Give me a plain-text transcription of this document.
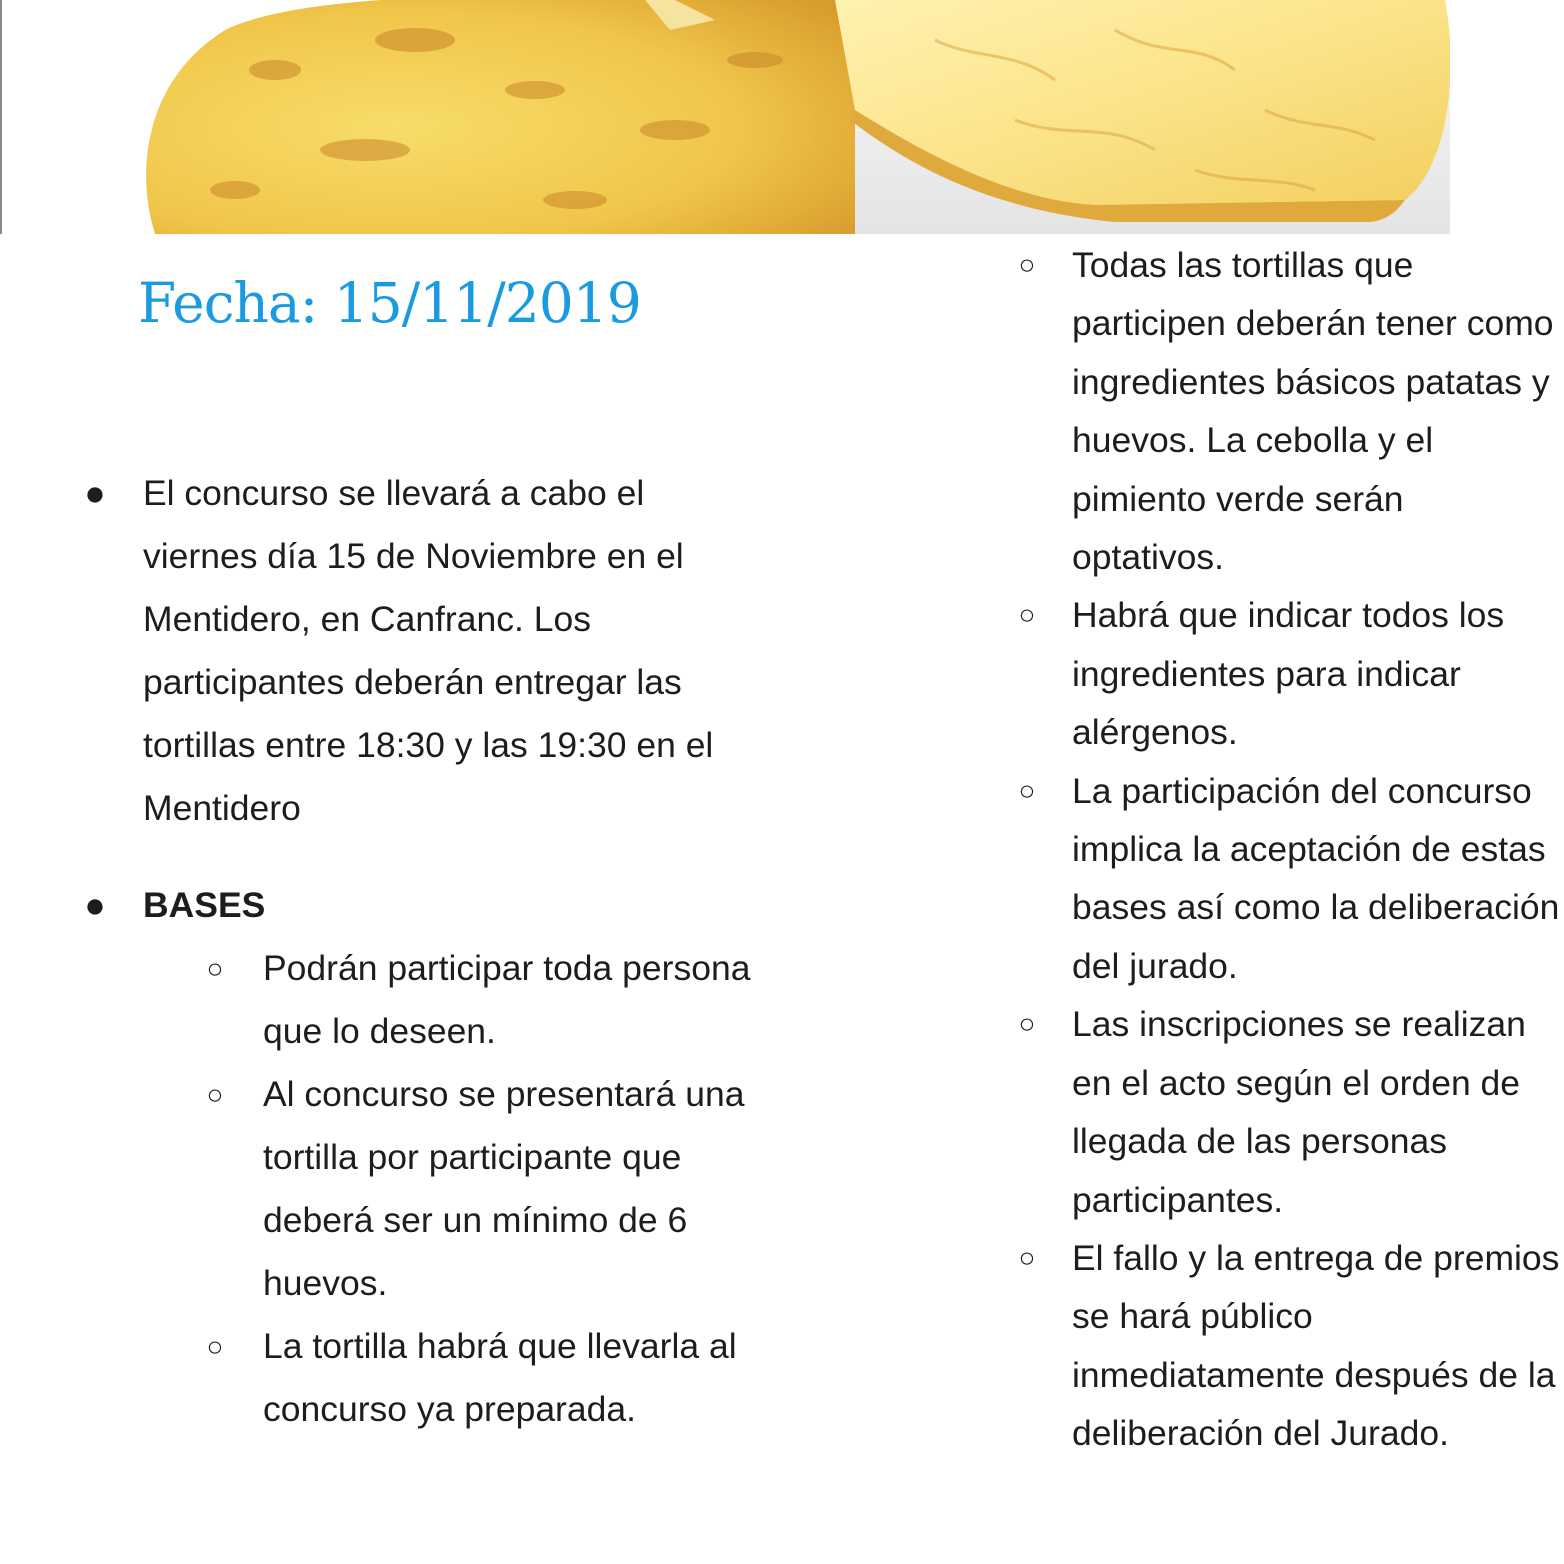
Fecha: 15/11/2019
● El concurso se llevará a cabo el viernes día 15 de Noviembre en el Mentidero, en Canfranc. Los participantes deberán entregar las tortillas entre 18:30 y las 19:30 en el Mentidero
● BASES
○ Podrán participar toda persona que lo deseen.
○ Al concurso se presentará una tortilla por participante que deberá ser un mínimo de 6 huevos.
○ La tortilla habrá que llevarla al concurso ya preparada.
○ Todas las tortillas que participen deberán tener como ingredientes básicos patatas y huevos. La cebolla y el pimiento verde serán optativos.
○ Habrá que indicar todos los ingredientes para indicar alérgenos.
○ La participación del concurso implica la aceptación de estas bases así como la deliberación del jurado.
○ Las inscripciones se realizan en el acto según el orden de llegada de las personas participantes.
○ El fallo y la entrega de premios se hará público inmediatamente después de la deliberación del Jurado.
